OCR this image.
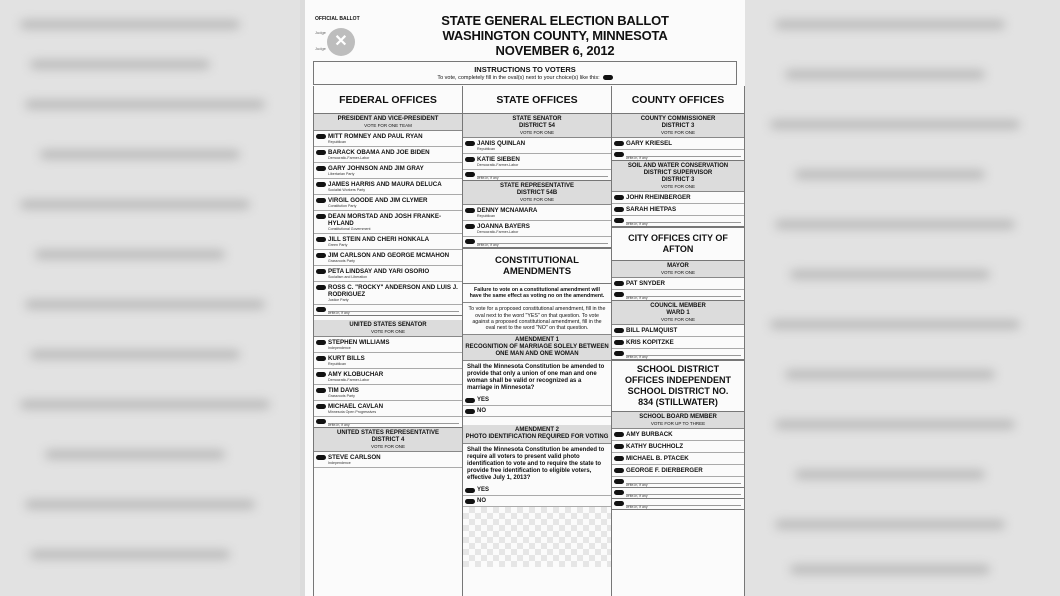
OFFICIAL BALLOT
Judge
Judge ✕
STATE GENERAL ELECTION BALLOT
WASHINGTON COUNTY, MINNESOTA
NOVEMBER 6, 2012
INSTRUCTIONS TO VOTERS
To vote, completely fill in the oval(s) next to your choice(s) like this:
FEDERAL OFFICES
PRESIDENT AND VICE-PRESIDENT
VOTE FOR ONE TEAM
MITT ROMNEY AND PAUL RYAN
Republican
BARACK OBAMA AND JOE BIDEN
Democratic-Farmer-Labor
GARY JOHNSON AND JIM GRAY
Libertarian Party
JAMES HARRIS AND MAURA DELUCA
Socialist Workers Party
VIRGIL GOODE AND JIM CLYMER
Constitution Party
DEAN MORSTAD AND JOSH FRANKE-HYLAND
Constitutional Government
JILL STEIN AND CHERI HONKALA
Green Party
JIM CARLSON AND GEORGE MCMAHON
Grassroots Party
PETA LINDSAY AND YARI OSORIO
Socialism and Liberation
ROSS C. "ROCKY" ANDERSON AND LUIS J. RODRIGUEZ
Justice Party
write-in, if any
UNITED STATES SENATOR
VOTE FOR ONE
STEPHEN WILLIAMS
Independence
KURT BILLS
Republican
AMY KLOBUCHAR
Democratic-Farmer-Labor
TIM DAVIS
Grassroots Party
MICHAEL CAVLAN
Minnesota Open Progressives
write-in, if any
UNITED STATES REPRESENTATIVE
DISTRICT 4
VOTE FOR ONE
STEVE CARLSON
Independence
STATE OFFICES
STATE SENATOR
DISTRICT 54
VOTE FOR ONE
JANIS QUINLAN
Republican
KATIE SIEBEN
Democratic-Farmer-Labor
write-in, if any
STATE REPRESENTATIVE
DISTRICT 54B
VOTE FOR ONE
DENNY MCNAMARA
Republican
JOANNA BAYERS
Democratic-Farmer-Labor
write-in, if any
CONSTITUTIONAL AMENDMENTS
Failure to vote on a constitutional amendment will have the same effect as voting no on the amendment.
To vote for a proposed constitutional amendment, fill in the oval next to the word "YES" on that question. To vote against a proposed constitutional amendment, fill in the oval next to the word "NO" on that question.
AMENDMENT 1
RECOGNITION OF MARRIAGE SOLELY BETWEEN ONE MAN AND ONE WOMAN
Shall the Minnesota Constitution be amended to provide that only a union of one man and one woman shall be valid or recognized as a marriage in Minnesota?
YES
NO
AMENDMENT 2
PHOTO IDENTIFICATION REQUIRED FOR VOTING
Shall the Minnesota Constitution be amended to require all voters to present valid photo identification to vote and to require the state to provide free identification to eligible voters, effective July 1, 2013?
YES
NO
COUNTY OFFICES
COUNTY COMMISSIONER
DISTRICT 3
VOTE FOR ONE
GARY KRIESEL
write-in, if any
SOIL AND WATER CONSERVATION DISTRICT SUPERVISOR
DISTRICT 3
VOTE FOR ONE
JOHN RHEINBERGER
SARAH HIETPAS
write-in, if any
CITY OFFICES CITY OF AFTON
MAYOR
VOTE FOR ONE
PAT SNYDER
write-in, if any
COUNCIL MEMBER
WARD 1
VOTE FOR ONE
BILL PALMQUIST
KRIS KOPITZKE
write-in, if any
SCHOOL DISTRICT OFFICES INDEPENDENT SCHOOL DISTRICT NO. 834 (STILLWATER)
SCHOOL BOARD MEMBER
VOTE FOR UP TO THREE
AMY BURBACK
KATHY BUCHHOLZ
MICHAEL B. PTACEK
GEORGE F. DIERBERGER
write-in, if any
write-in, if any
write-in, if any
